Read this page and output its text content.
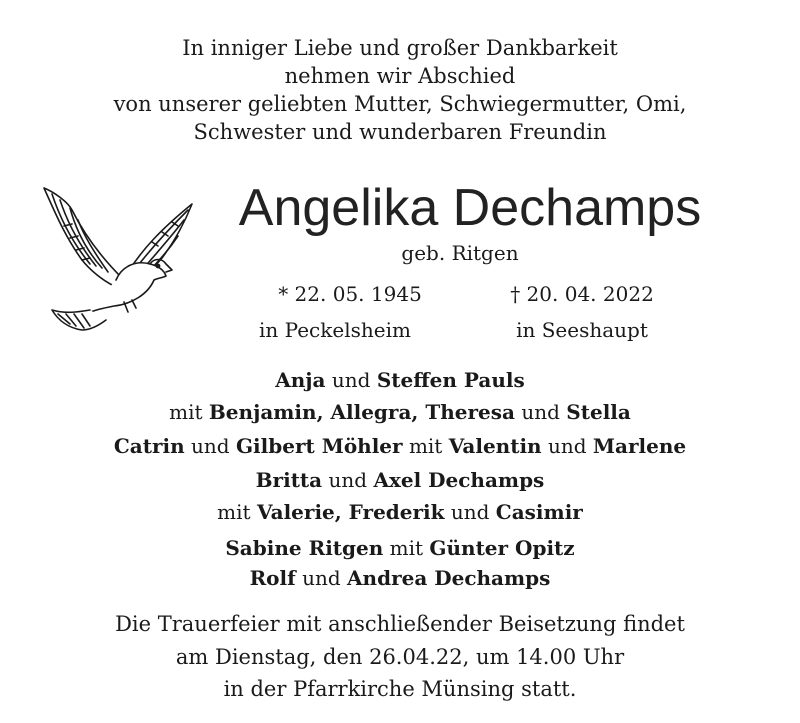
In inniger Liebe und großer Dankbarkeit
nehmen wir Abschied
von unserer geliebten Mutter, Schwiegermutter, Omi,
Schwester und wunderbaren Freundin
Angelika Dechamps
geb. Ritgen
* 22. 05. 1945	† 20. 04. 2022
in Peckelsheim	in Seeshaupt
Anja und Steffen Pauls
mit Benjamin, Allegra, Theresa und Stella
Catrin und Gilbert Möhler mit Valentin und Marlene
Britta und Axel Dechamps
mit Valerie, Frederik und Casimir
Sabine Ritgen mit Günter Opitz
Rolf und Andrea Dechamps
Die Trauerfeier mit anschließender Beisetzung findet
am Dienstag, den 26.04.22, um 14.00 Uhr
in der Pfarrkirche Münsing statt.
